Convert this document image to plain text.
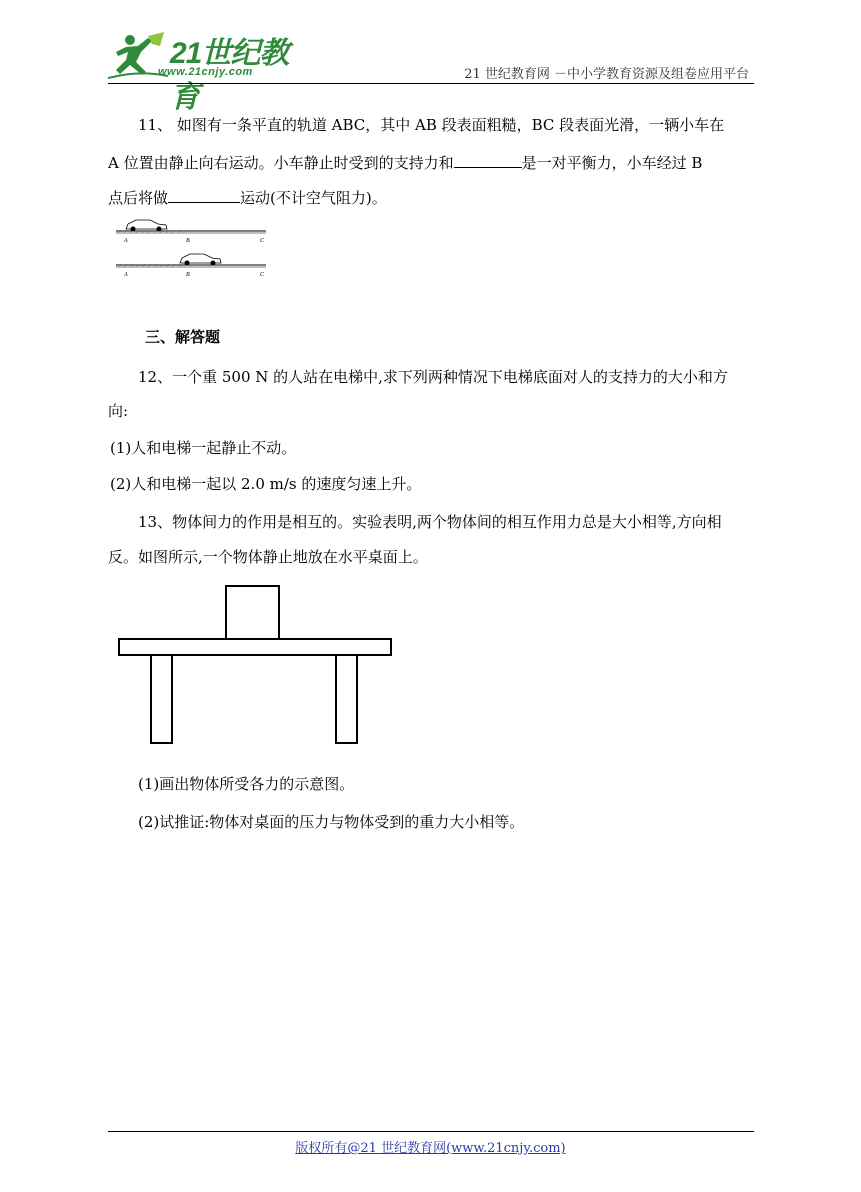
21世纪教育
www.21cnjy.com	21 世纪教育网 －中小学教育资源及组卷应用平台
11、 如图有一条平直的轨道 ABC，其中 AB 段表面粗糙，BC 段表面光滑，一辆小车在
A 位置由静止向右运动。小车静止时受到的支持力和	是一对平衡力，小车经过 B
点后将做	运动(不计空气阻力)。
A	B	C
A	B	C
三、解答题
12、一个重 500 N 的人站在电梯中,求下列两种情况下电梯底面对人的支持力的大小和方
向:
(1)人和电梯一起静止不动。
(2)人和电梯一起以 2.0 m/s 的速度匀速上升。
13、物体间力的作用是相互的。实验表明,两个物体间的相互作用力总是大小相等,方向相
反。如图所示,一个物体静止地放在水平桌面上。
(1)画出物体所受各力的示意图。
(2)试推证:物体对桌面的压力与物体受到的重力大小相等。
版权所有@21 世纪教育网(www.21cnjy.com)
